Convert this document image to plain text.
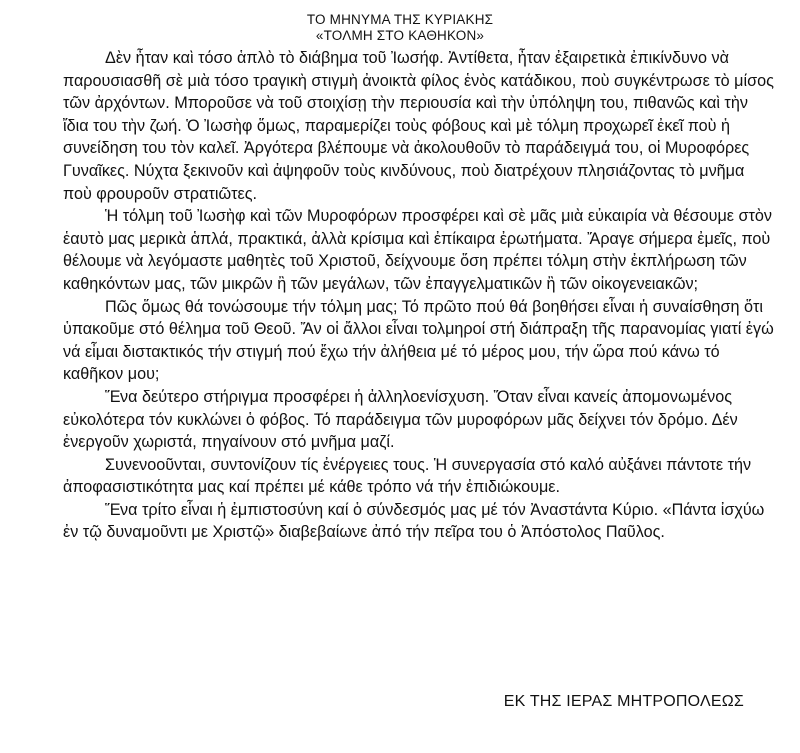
ΤΟ ΜΗΝΥΜΑ ΤΗΣ ΚΥΡΙΑΚΗΣ
«ΤΟΛΜΗ ΣΤΟ ΚΑΘΗΚΟΝ»

Δὲν ἦταν καὶ τόσο ἁπλὸ τὸ διάβημα τοῦ Ἰωσήφ. Ἀντίθετα, ἦταν ἐξαιρετικὰ ἐπικίνδυνο νὰ παρουσιασθῆ σὲ μιὰ τόσο τραγικὴ στιγμὴ ἀνοικτὰ φίλος ἑνὸς κατάδικου, ποὺ συγκέντρωσε τὸ μίσος τῶν ἀρχόντων. Μποροῦσε νὰ τοῦ στοιχίσῃ τὴν περιουσία καὶ τὴν ὑπόληψη του, πιθανῶς καὶ τὴν ἴδια του τὴν ζωή. Ὁ Ἰωσὴφ ὅμως, παραμερίζει τοὺς φόβους καὶ μὲ τόλμη προχωρεῖ ἐκεῖ ποὺ ἡ συνείδηση του τὸν καλεῖ. Ἀργότερα βλέπουμε νὰ ἀκολουθοῦν τὸ παράδειγμά του, οἱ Μυροφόρες Γυναῖκες. Νύχτα ξεκινοῦν καὶ ἀψηφοῦν τοὺς κινδύνους, ποὺ διατρέχουν πλησιάζοντας τὸ μνῆμα ποὺ φρουροῦν στρατιῶτες.

Ἡ τόλμη τοῦ Ἰωσὴφ καὶ τῶν Μυροφόρων προσφέρει καὶ σὲ μᾶς μιὰ εὐκαιρία νὰ θέσουμε στὸν ἑαυτὸ μας μερικὰ ἁπλά, πρακτικά, ἀλλὰ κρίσιμα καὶ ἐπίκαιρα ἐρωτήματα. Ἄραγε σήμερα ἐμεῖς, ποὺ θέλουμε νὰ λεγόμαστε μαθητὲς τοῦ Χριστοῦ, δείχνουμε ὅση πρέπει τόλμη στὴν ἐκπλήρωση τῶν καθηκόντων μας, τῶν μικρῶν ἢ τῶν μεγάλων, τῶν ἐπαγγελματικῶν ἢ τῶν οἰκογενειακῶν;

Πῶς ὅμως θά τονώσουμε τήν τόλμη μας; Τό πρῶτο πού θά βοηθήσει εἶναι ἡ συναίσθηση ὅτι ὑπακοῦμε στό θέλημα τοῦ Θεοῦ. Ἄν οἱ ἄλλοι εἶναι τολμηροί στή διάπραξη τῆς παρανομίας γιατί ἐγώ νά εἶμαι διστακτικός τήν στιγμή πού ἔχω τήν ἀλήθεια μέ τό μέρος μου, τήν ὥρα πού κάνω τό καθῆκον μου;

Ἕνα δεύτερο στήριγμα προσφέρει ἡ ἀλληλοενίσχυση. Ὅταν εἶναι κανείς ἀπομονωμένος εὐκολότερα τόν κυκλώνει ὁ φόβος. Τό παράδειγμα τῶν μυροφόρων μᾶς δείχνει τόν δρόμο. Δέν ἐνεργοῦν χωριστά, πηγαίνουν στό μνῆμα μαζί.

Συνενοοῦνται, συντονίζουν τίς ἐνέργειες τους. Ἡ συνεργασία στό καλό αὐξάνει πάντοτε τήν ἀποφασιστικότητα μας καί πρέπει μέ κάθε τρόπο νά τήν ἐπιδιώκουμε.

Ἕνα τρίτο εἶναι ἡ ἐμπιστοσύνη καί ὁ σύνδεσμός μας μέ τόν Ἀναστάντα Κύριο. «Πάντα ἰσχύω ἐν τῷ δυναμοῦντι με Χριστῷ» διαβεβαίωνε ἀπό τήν πεῖρα του ὁ Ἀπόστολος Παῦλος.

ΕΚ ΤΗΣ ΙΕΡΑΣ ΜΗΤΡΟΠΟΛΕΩΣ
